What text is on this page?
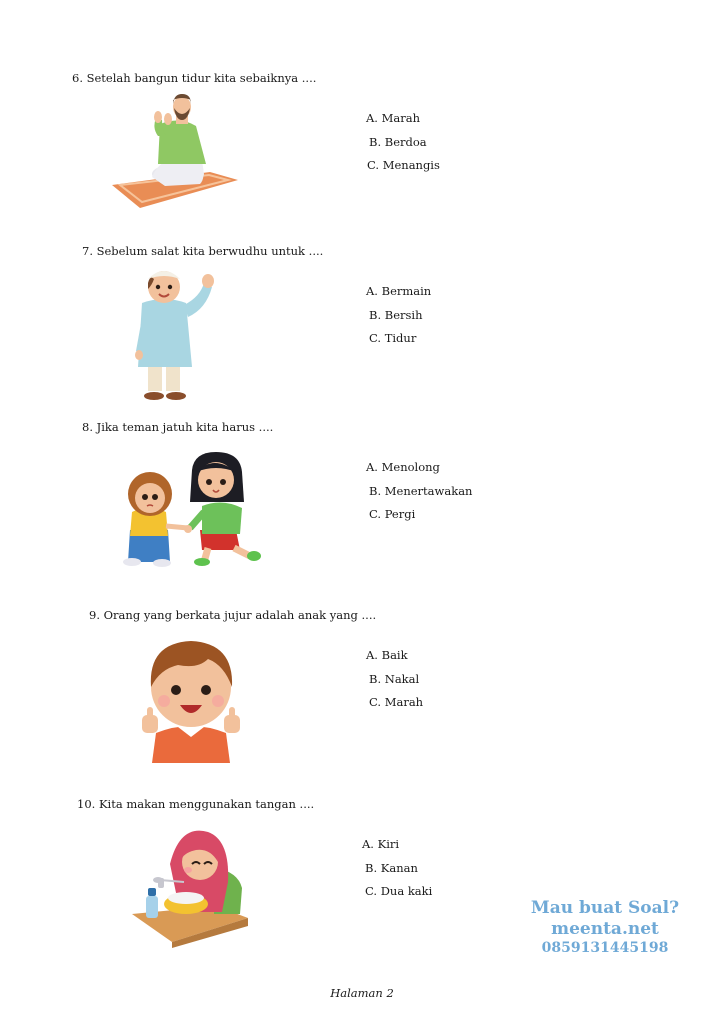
6. Setelah bangun tidur kita sebaiknya ....
A. Marah
B. Berdoa
C. Menangis
7. Sebelum salat kita berwudhu untuk ....
A. Bermain
B. Bersih
C. Tidur
8. Jika teman jatuh kita harus ....
A. Menolong
B. Menertawakan
C. Pergi
9. Orang yang berkata jujur adalah anak yang ....
A. Baik
B. Nakal
C. Marah
10. Kita makan menggunakan tangan ....
A. Kiri
B. Kanan
C. Dua kaki
Mau buat Soal?
meenta.net
0859131445198
Halaman 2
